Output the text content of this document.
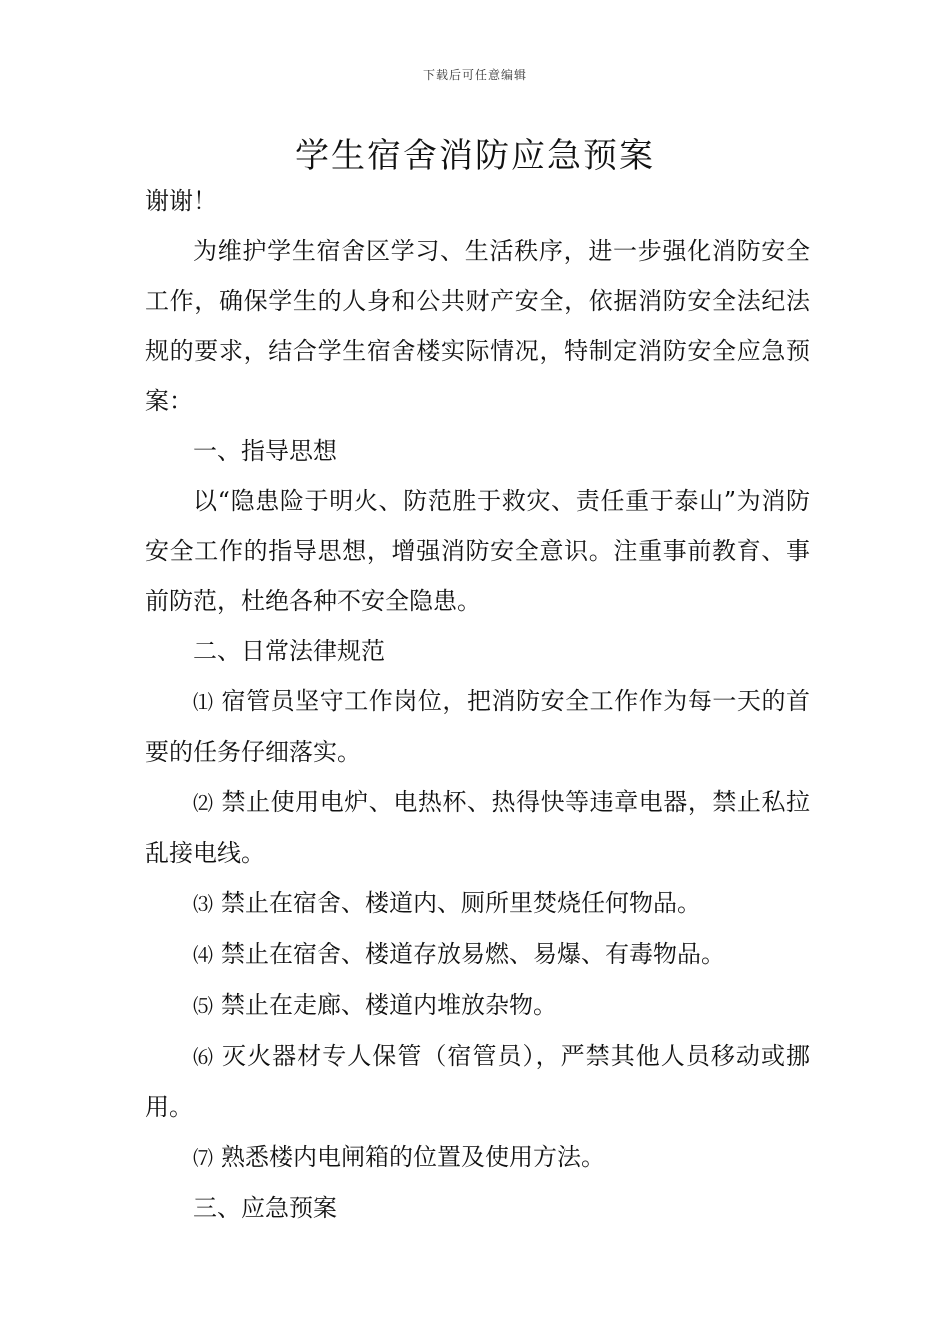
下载后可任意编辑
学生宿舍消防应急预案

谢谢！

为维护学生宿舍区学习、生活秩序，进一步强化消防安全工作，确保学生的人身和公共财产安全，依据消防安全法纪法规的要求，结合学生宿舍楼实际情况，特制定消防安全应急预案：

一、指导思想

以“隐患险于明火、防范胜于救灾、责任重于泰山”为消防安全工作的指导思想，增强消防安全意识。注重事前教育、事前防范，杜绝各种不安全隐患。

二、日常法律规范

⑴ 宿管员坚守工作岗位，把消防安全工作作为每一天的首要的任务仔细落实。

⑵ 禁止使用电炉、电热杯、热得快等违章电器，禁止私拉乱接电线。

⑶ 禁止在宿舍、楼道内、厕所里焚烧任何物品。

⑷ 禁止在宿舍、楼道存放易燃、易爆、有毒物品。

⑸ 禁止在走廊、楼道内堆放杂物。

⑹ 灭火器材专人保管（宿管员），严禁其他人员移动或挪用。

⑺ 熟悉楼内电闸箱的位置及使用方法。

三、应急预案
